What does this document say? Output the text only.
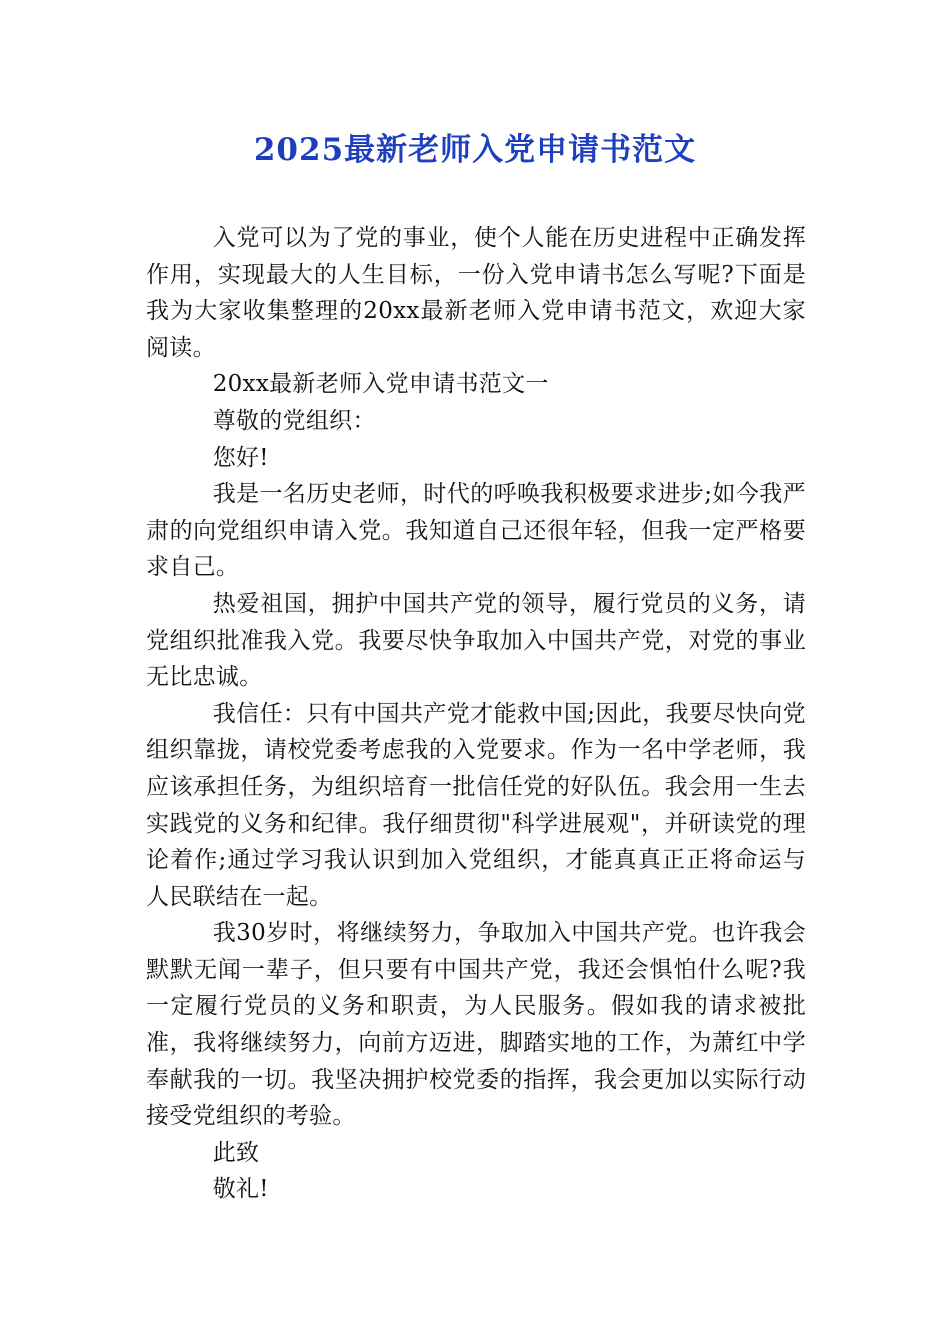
2025最新老师入党申请书范文

入党可以为了党的事业，使个人能在历史进程中正确发挥作用，实现最大的人生目标，一份入党申请书怎么写呢?下面是我为大家收集整理的20xx最新老师入党申请书范文，欢迎大家阅读。

20xx最新老师入党申请书范文一

尊敬的党组织：

您好!

我是一名历史老师，时代的呼唤我积极要求进步;如今我严肃的向党组织申请入党。我知道自己还很年轻，但我一定严格要求自己。

热爱祖国，拥护中国共产党的领导，履行党员的义务，请党组织批准我入党。我要尽快争取加入中国共产党，对党的事业无比忠诚。

我信任：只有中国共产党才能救中国;因此，我要尽快向党组织靠拢，请校党委考虑我的入党要求。作为一名中学老师，我应该承担任务，为组织培育一批信任党的好队伍。我会用一生去实践党的义务和纪律。我仔细贯彻"科学进展观"，并研读党的理论着作;通过学习我认识到加入党组织，才能真真正正将命运与人民联结在一起。

我30岁时，将继续努力，争取加入中国共产党。也许我会默默无闻一辈子，但只要有中国共产党，我还会惧怕什么呢?我一定履行党员的义务和职责，为人民服务。假如我的请求被批准，我将继续努力，向前方迈进，脚踏实地的工作，为萧红中学奉献我的一切。我坚决拥护校党委的指挥，我会更加以实际行动接受党组织的考验。

此致

敬礼!
